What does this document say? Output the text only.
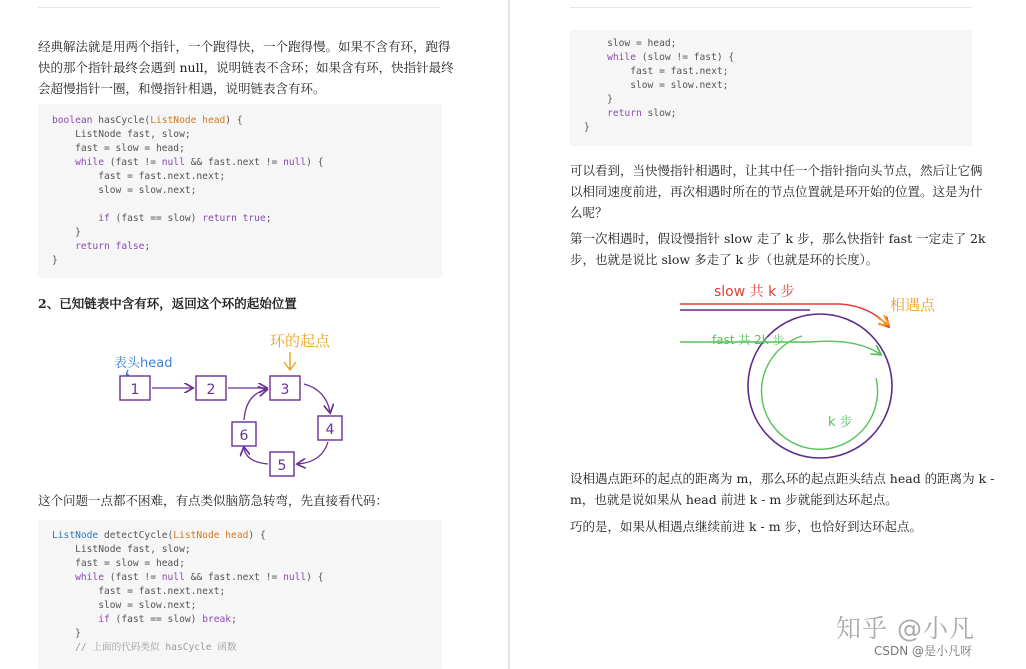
经典解法就是用两个指针，一个跑得快，一个跑得慢。如果不含有环，跑得
快的那个指针最终会遇到 null，说明链表不含环；如果含有环，快指针最终
会超慢指针一圈，和慢指针相遇，说明链表含有环。
boolean hasCycle(ListNode head) {
ListNode fast, slow;
fast = slow = head;
while (fast != null && fast.next != null) {
fast = fast.next.next;
slow = slow.next;
if (fast == slow) return true;
}
return false;
}
2、已知链表中含有环，返回这个环的起始位置
表头head
环的起点
1	2	3
4
5
6
这个问题一点都不困难，有点类似脑筋急转弯，先直接看代码：
ListNode detectCycle(ListNode head) {
ListNode fast, slow;
fast = slow = head;
while (fast != null && fast.next != null) {
fast = fast.next.next;
slow = slow.next;
if (fast == slow) break;
}
// 上面的代码类似 hasCycle 函数
slow = head;
while (slow != fast) {
fast = fast.next;
slow = slow.next;
}
return slow;
}
可以看到，当快慢指针相遇时，让其中任一个指针指向头节点，然后让它俩
以相同速度前进，再次相遇时所在的节点位置就是环开始的位置。这是为什
么呢？
第一次相遇时，假设慢指针 slow 走了 k 步，那么快指针 fast 一定走了 2k
步，也就是说比 slow 多走了 k 步（也就是环的长度）。
slow 共 k 步
fast 共 2k 步
相遇点
k 步
设相遇点距环的起点的距离为 m，那么环的起点距头结点 head 的距离为 k -
m，也就是说如果从 head 前进 k - m 步就能到达环起点。
巧的是，如果从相遇点继续前进 k - m 步，也恰好到达环起点。
知乎 @小凡
CSDN @是小凡呀
